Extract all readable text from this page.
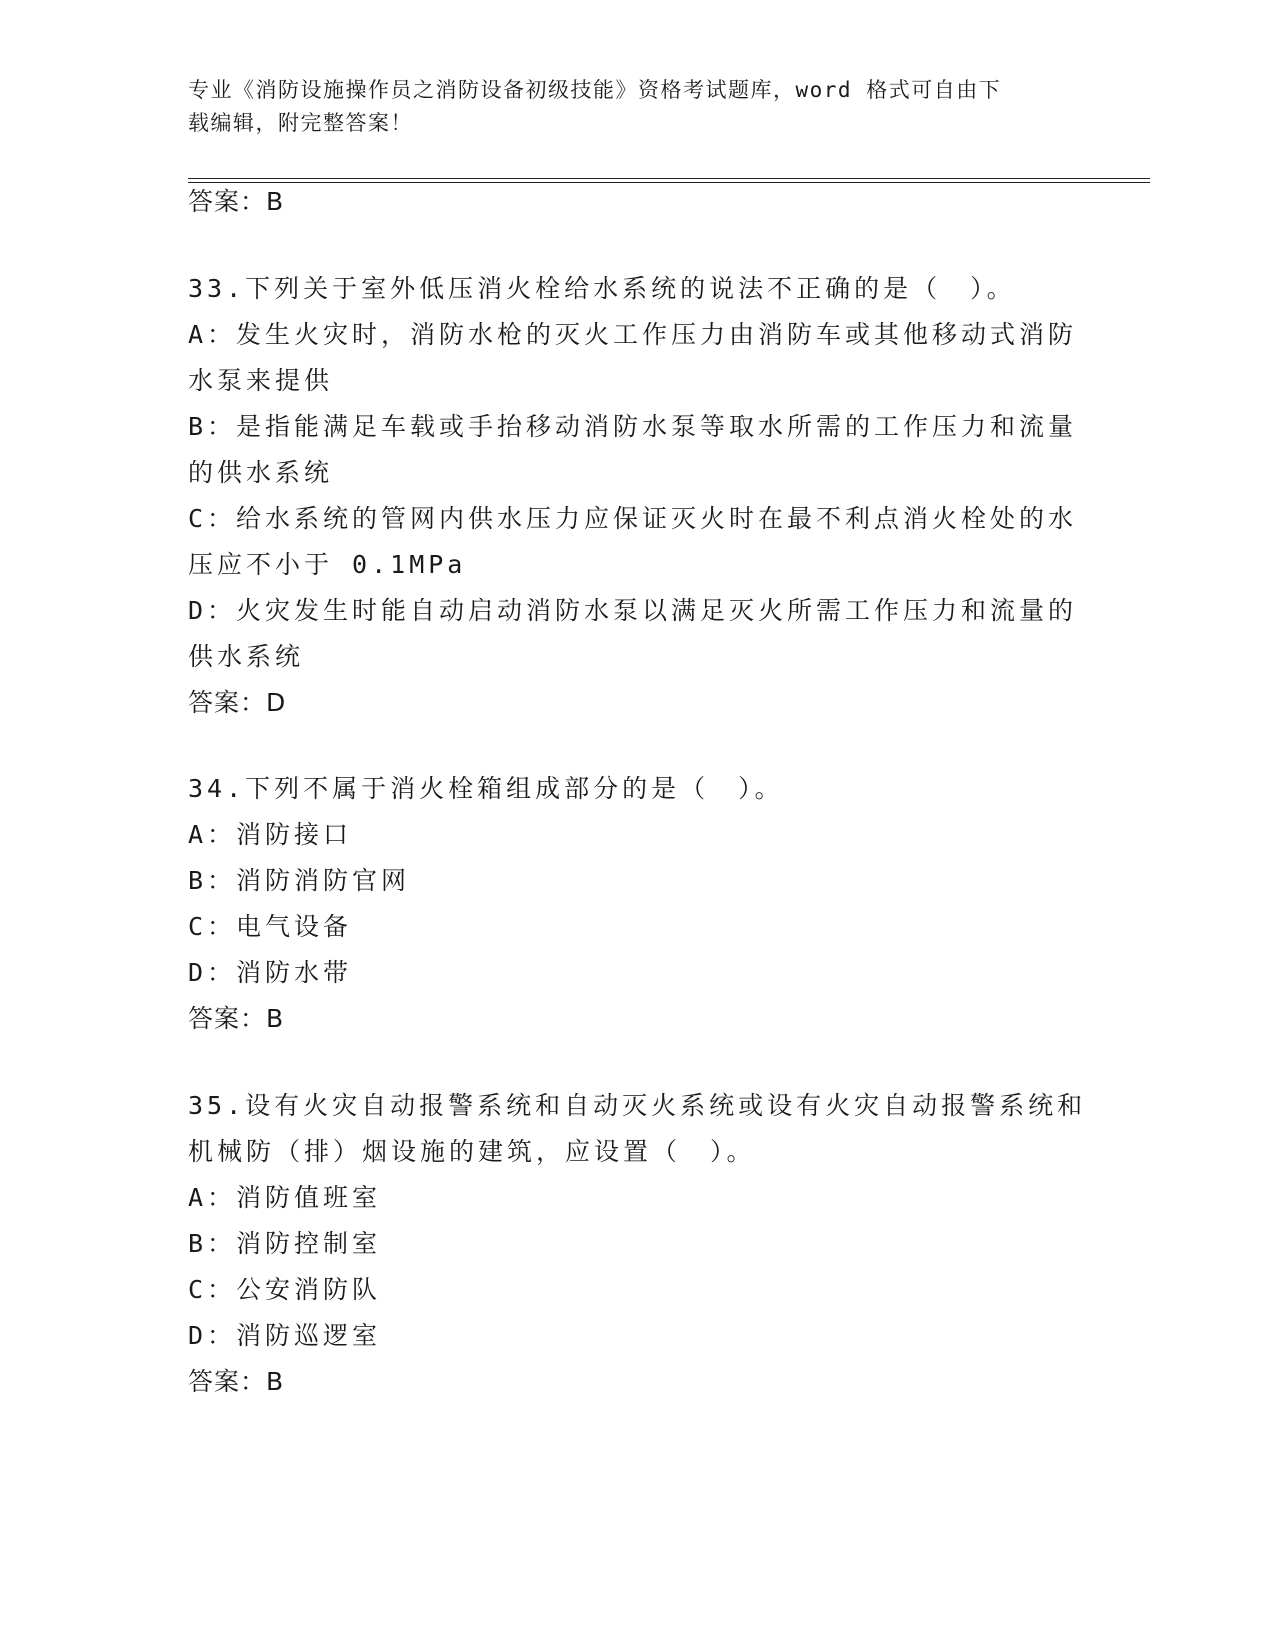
专业《消防设施操作员之消防设备初级技能》资格考试题库，word 格式可自由下
载编辑，附完整答案！
答案：B
33.下列关于室外低压消火栓给水系统的说法不正确的是（　）。
A：发生火灾时，消防水枪的灭火工作压力由消防车或其他移动式消防
水泵来提供
B：是指能满足车载或手抬移动消防水泵等取水所需的工作压力和流量
的供水系统
C：给水系统的管网内供水压力应保证灭火时在最不利点消火栓处的水
压应不小于 0.1MPa
D：火灾发生时能自动启动消防水泵以满足灭火所需工作压力和流量的
供水系统
答案：D
34.下列不属于消火栓箱组成部分的是（　）。
A：消防接口
B：消防消防官网
C：电气设备
D：消防水带
答案：B
35.设有火灾自动报警系统和自动灭火系统或设有火灾自动报警系统和
机械防（排）烟设施的建筑，应设置（　）。
A：消防值班室
B：消防控制室
C：公安消防队
D：消防巡逻室
答案：B
